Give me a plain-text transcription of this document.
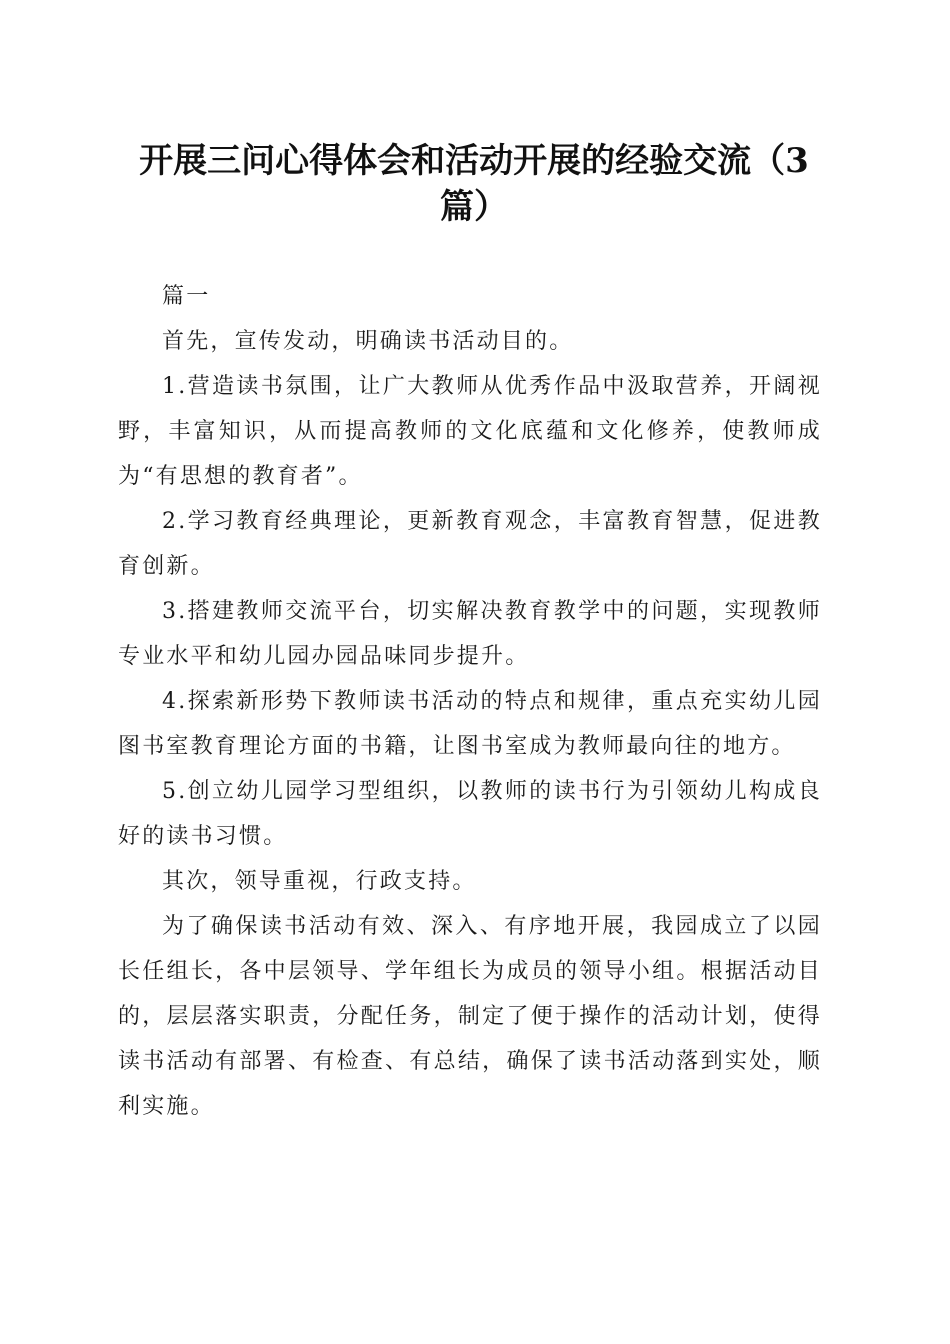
开展三问心得体会和活动开展的经验交流（3篇）

篇一

首先，宣传发动，明确读书活动目的。

1.营造读书氛围，让广大教师从优秀作品中汲取营养，开阔视野，丰富知识，从而提高教师的文化底蕴和文化修养，使教师成为“有思想的教育者”。

2.学习教育经典理论，更新教育观念，丰富教育智慧，促进教育创新。

3.搭建教师交流平台，切实解决教育教学中的问题，实现教师专业水平和幼儿园办园品味同步提升。

4.探索新形势下教师读书活动的特点和规律，重点充实幼儿园图书室教育理论方面的书籍，让图书室成为教师最向往的地方。

5.创立幼儿园学习型组织，以教师的读书行为引领幼儿构成良好的读书习惯。

其次，领导重视，行政支持。

为了确保读书活动有效、深入、有序地开展，我园成立了以园长任组长，各中层领导、学年组长为成员的领导小组。根据活动目的，层层落实职责，分配任务，制定了便于操作的活动计划，使得读书活动有部署、有检查、有总结，确保了读书活动落到实处，顺利实施。
